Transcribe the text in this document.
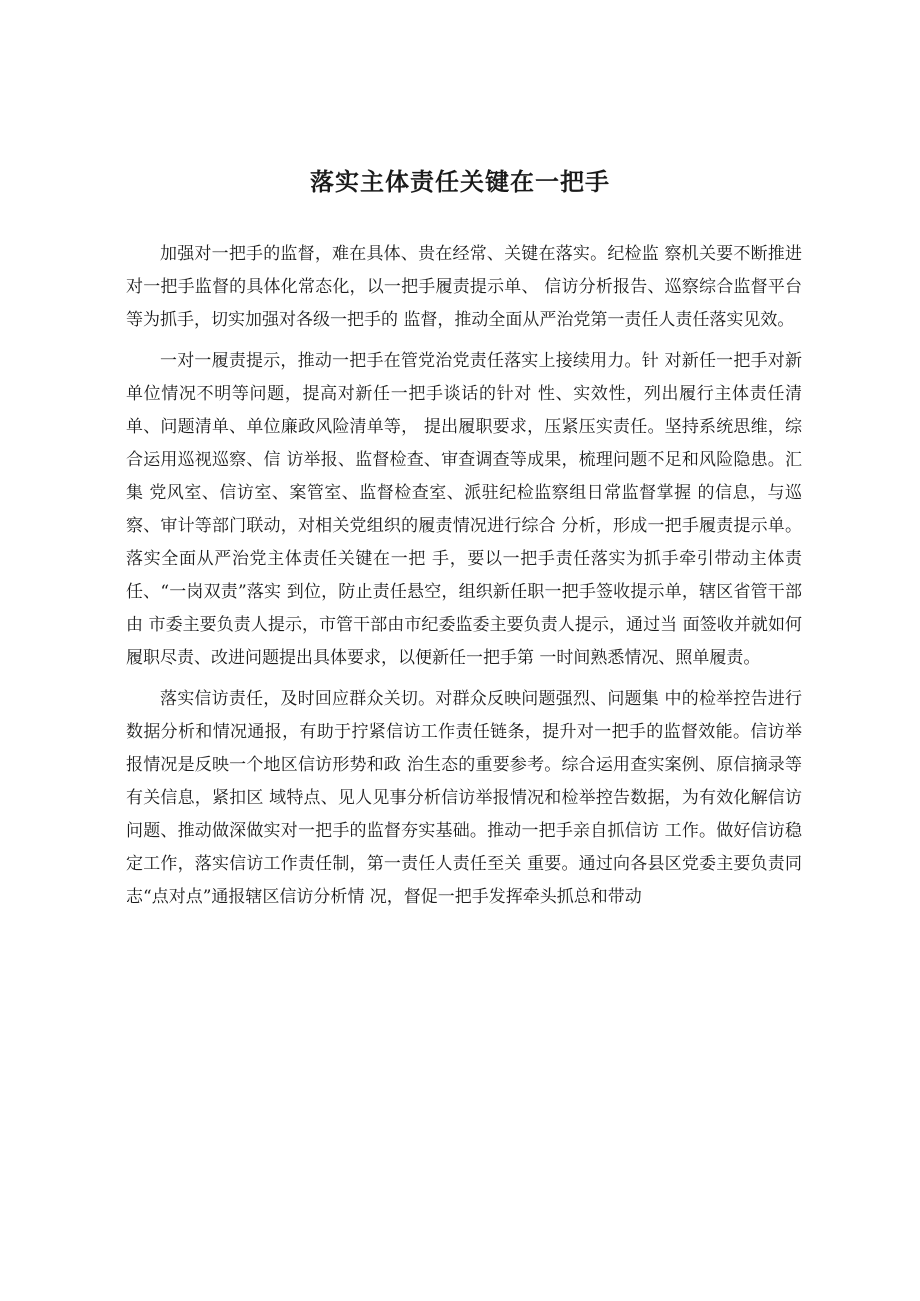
落实主体责任关键在一把手

加强对一把手的监督，难在具体、贵在经常、关键在落实。纪检监 察机关要不断推进对一把手监督的具体化常态化，以一把手履责提示单、 信访分析报告、巡察综合监督平台等为抓手，切实加强对各级一把手的 监督，推动全面从严治党第一责任人责任落实见效。

一对一履责提示，推动一把手在管党治党责任落实上接续用力。针 对新任一把手对新单位情况不明等问题，提高对新任一把手谈话的针对 性、实效性，列出履行主体责任清单、问题清单、单位廉政风险清单等， 提出履职要求，压紧压实责任。坚持系统思维，综合运用巡视巡察、信 访举报、监督检查、审查调查等成果，梳理问题不足和风险隐患。汇集 党风室、信访室、案管室、监督检查室、派驻纪检监察组日常监督掌握 的信息，与巡察、审计等部门联动，对相关党组织的履责情况进行综合 分析，形成一把手履责提示单。落实全面从严治党主体责任关键在一把 手，要以一把手责任落实为抓手牵引带动主体责任、“一岗双责”落实 到位，防止责任悬空，组织新任职一把手签收提示单，辖区省管干部由 市委主要负责人提示，市管干部由市纪委监委主要负责人提示，通过当 面签收并就如何履职尽责、改进问题提出具体要求，以便新任一把手第 一时间熟悉情况、照单履责。

落实信访责任，及时回应群众关切。对群众反映问题强烈、问题集 中的检举控告进行数据分析和情况通报，有助于拧紧信访工作责任链条，提升对一把手的监督效能。信访举报情况是反映一个地区信访形势和政 治生态的重要参考。综合运用查实案例、原信摘录等有关信息，紧扣区 域特点、见人见事分析信访举报情况和检举控告数据，为有效化解信访 问题、推动做深做实对一把手的监督夯实基础。推动一把手亲自抓信访 工作。做好信访稳定工作，落实信访工作责任制，第一责任人责任至关 重要。通过向各县区党委主要负责同志“点对点”通报辖区信访分析情 况，督促一把手发挥牵头抓总和带动
